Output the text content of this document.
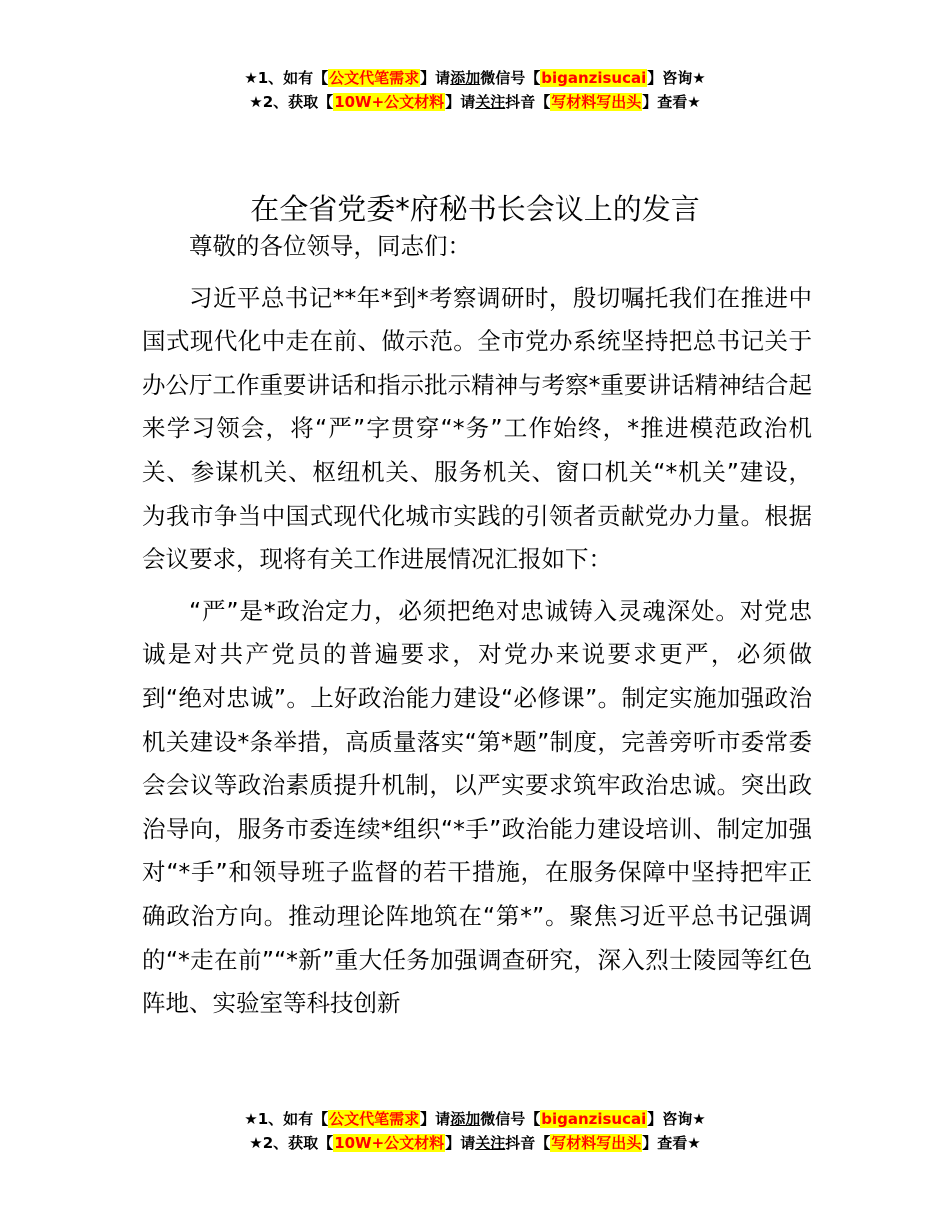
★1、如有【公文代笔需求】请添加微信号【biganzisucai】咨询★
★2、获取【10W+公文材料】请关注抖音【写材料写出头】查看★
在全省党委*府秘书长会议上的发言

尊敬的各位领导，同志们：

习近平总书记**年*到*考察调研时，殷切嘱托我们在推进中国式现代化中走在前、做示范。全市党办系统坚持把总书记关于办公厅工作重要讲话和指示批示精神与考察*重要讲话精神结合起来学习领会，将“严”字贯穿“*务”工作始终，*推进模范政治机关、参谋机关、枢纽机关、服务机关、窗口机关“*机关”建设，为我市争当中国式现代化城市实践的引领者贡献党办力量。根据会议要求，现将有关工作进展情况汇报如下：

“严”是*政治定力，必须把绝对忠诚铸入灵魂深处。对党忠诚是对共产党员的普遍要求，对党办来说要求更严，必须做到“绝对忠诚”。上好政治能力建设“必修课”。制定实施加强政治机关建设*条举措，高质量落实“第*题”制度，完善旁听市委常委会会议等政治素质提升机制，以严实要求筑牢政治忠诚。突出政治导向，服务市委连续*组织“*手”政治能力建设培训、制定加强对“*手”和领导班子监督的若干措施，在服务保障中坚持把牢正确政治方向。推动理论阵地筑在“第*”。聚焦习近平总书记强调的“*走在前”“*新”重大任务加强调查研究，深入烈士陵园等红色阵地、实验室等科技创新

★1、如有【公文代笔需求】请添加微信号【biganzisucai】咨询★
★2、获取【10W+公文材料】请关注抖音【写材料写出头】查看★
